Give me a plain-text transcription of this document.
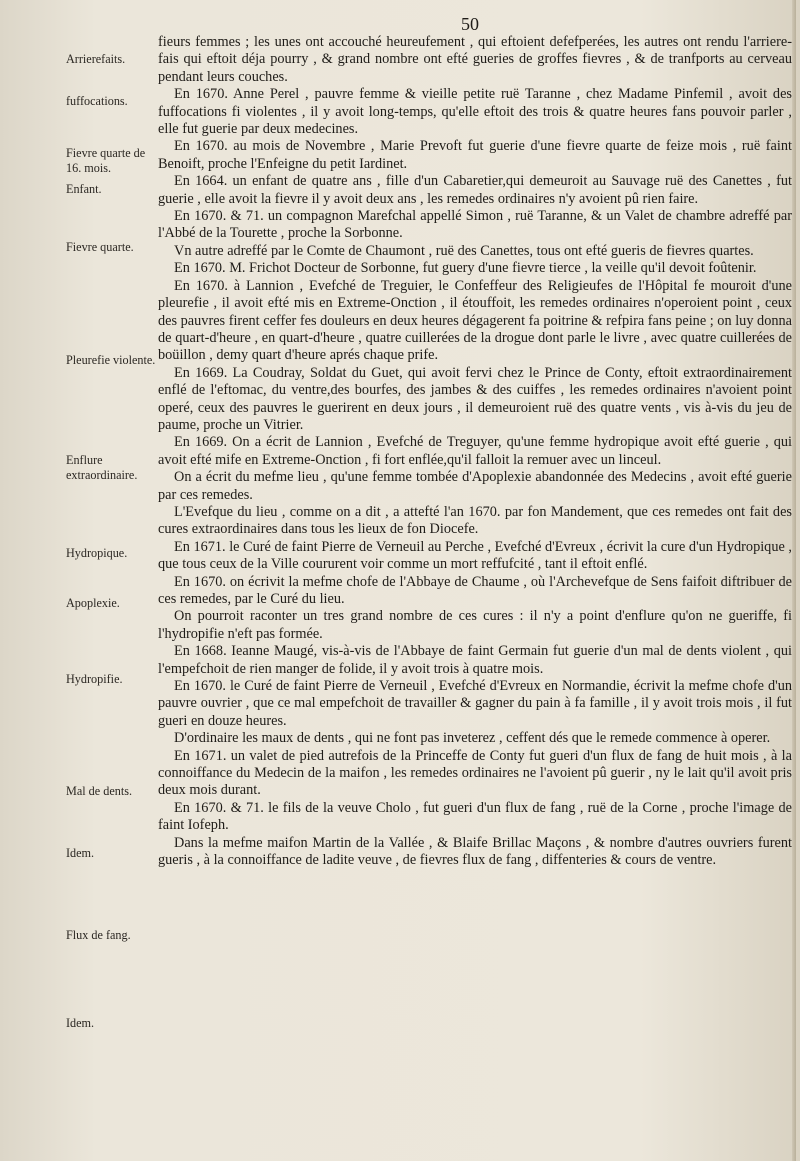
50
Arrierefaits.
fuffocations.
Fievre quarte de 16. mois.
Enfant.
Fievre quarte.
Pleurefie violente.
Enflure extraordinaire.
Hydropique.
Apoplexie.
Hydropifie.
Mal de dents.
Idem.
Flux de fang.
Idem.

fieurs femmes ; les unes ont accouché heureufement , qui eftoient defefperées, les autres ont rendu l'arriere-fais qui eftoit déja pourry , & grand nombre ont efté gueries de groffes fievres , & de tranfports au cerveau pendant leurs couches.

En 1670. Anne Perel , pauvre femme & vieille petite ruë Taranne , chez Madame Pinfemil , avoit des fuffocations fi violentes , il y avoit long-temps, qu'elle eftoit des trois & quatre heures fans pouvoir parler , elle fut guerie par deux medecines.

En 1670. au mois de Novembre , Marie Prevoft fut guerie d'une fievre quarte de feize mois , ruë faint Benoift, proche l'Enfeigne du petit Iardinet.

En 1664. un enfant de quatre ans , fille d'un Cabaretier,qui demeuroit au Sauvage ruë des Canettes , fut guerie , elle avoit la fievre il y avoit deux ans , les remedes ordinaires n'y avoient pû rien faire.

En 1670. & 71. un compagnon Marefchal appellé Simon , ruë Taranne, & un Valet de chambre adreffé par l'Abbé de la Tourette , proche la Sorbonne.

Vn autre adreffé par le Comte de Chaumont , ruë des Canettes, tous ont efté gueris de fievres quartes.

En 1670. M. Frichot Docteur de Sorbonne, fut guery d'une fievre tierce , la veille qu'il devoit foûtenir.

En 1670. à Lannion , Evefché de Treguier, le Confeffeur des Religieufes de l'Hôpital fe mouroit d'une pleurefie , il avoit efté mis en Extreme-Onction , il étouffoit, les remedes ordinaires n'operoient point , ceux des pauvres firent ceffer fes douleurs en deux heures dégagerent fa poitrine & refpira fans peine ; on luy donna de quart-d'heure , en quart-d'heure , quatre cuillerées de la drogue dont parle le livre , avec quatre cuillerées de boüillon , demy quart d'heure aprés chaque prife.

En 1669. La Coudray, Soldat du Guet, qui avoit fervi chez le Prince de Conty, eftoit extraordinairement enflé de l'eftomac, du ventre,des bourfes, des jambes & des cuiffes , les remedes ordinaires n'avoient point operé, ceux des pauvres le guerirent en deux jours , il demeuroient ruë des quatre vents , vis à-vis du jeu de paume, proche un Vitrier.

En 1669. On a écrit de Lannion , Evefché de Treguyer, qu'une femme hydropique avoit efté guerie , qui avoit efté mife en Extreme-Onction , fi fort enflée,qu'il falloit la remuer avec un linceul.

On a écrit du mefme lieu , qu'une femme tombée d'Apoplexie abandonnée des Medecins , avoit efté guerie par ces remedes.

L'Evefque du lieu , comme on a dit , a attefté l'an 1670. par fon Mandement, que ces remedes ont fait des cures extraordinaires dans tous les lieux de fon Diocefe.

En 1671. le Curé de faint Pierre de Verneuil au Perche , Evefché d'Evreux , écrivit la cure d'un Hydropique , que tous ceux de la Ville coururent voir comme un mort reffufcité , tant il eftoit enflé.

En 1670. on écrivit la mefme chofe de l'Abbaye de Chaume , où l'Archevefque de Sens faifoit diftribuer de ces remedes, par le Curé du lieu.

On pourroit raconter un tres grand nombre de ces cures : il n'y a point d'enflure qu'on ne gueriffe, fi l'hydropifie n'eft pas formée.

En 1668. Ieanne Maugé, vis-à-vis de l'Abbaye de faint Germain fut guerie d'un mal de dents violent , qui l'empefchoit de rien manger de folide, il y avoit trois à quatre mois.

En 1670. le Curé de faint Pierre de Verneuil , Evefché d'Evreux en Normandie, écrivit la mefme chofe d'un pauvre ouvrier , que ce mal empefchoit de travailler & gagner du pain à fa famille , il y avoit trois mois , il fut gueri en douze heures.

D'ordinaire les maux de dents , qui ne font pas inveterez , ceffent dés que le remede commence à operer.

En 1671. un valet de pied autrefois de la Princeffe de Conty fut gueri d'un flux de fang de huit mois , à la connoiffance du Medecin de la maifon , les remedes ordinaires ne l'avoient pû guerir , ny le lait qu'il avoit pris deux mois durant.

En 1670. & 71. le fils de la veuve Cholo , fut gueri d'un flux de fang , ruë de la Corne , proche l'image de faint Iofeph.

Dans la mefme maifon Martin de la Vallée , & Blaife Brillac Maçons , & nombre d'autres ouvriers furent gueris , à la connoiffance de ladite veuve , de fievres flux de fang , diffenteries & cours de ventre.
